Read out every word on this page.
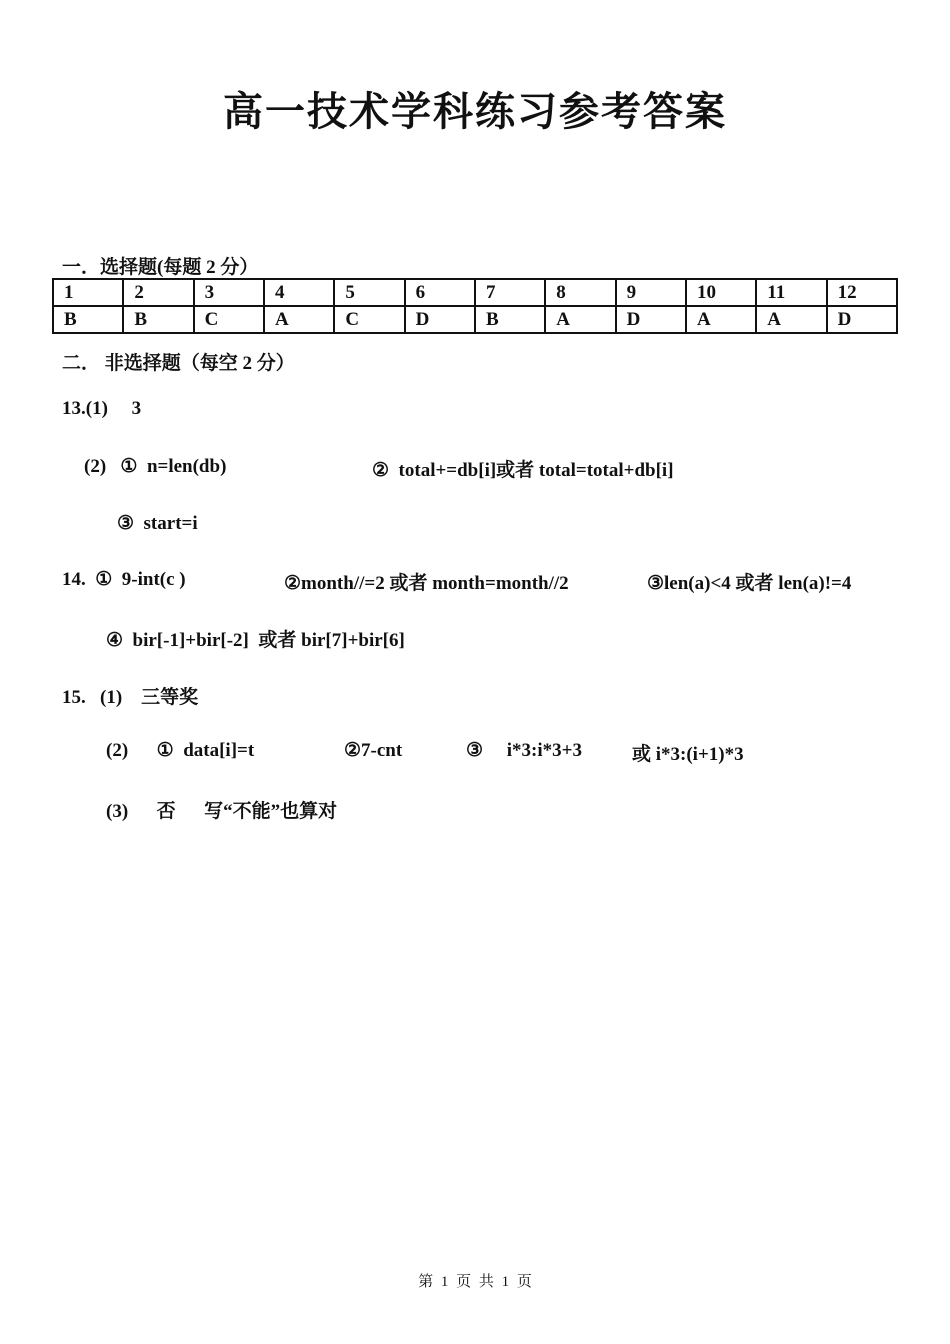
高一技术学科练习参考答案
一．选择题(每题 2 分）
1	2	3	4	5	6	7	8	9	10	11	12
B	B	C	A	C	D	B	A	D	A	A	D
二． 非选择题（每空 2 分）
13.(1)     3
(2)   ①  n=len(db)	②  total+=db[i]或者 total=total+db[i]
③  start=i
14.  ①  9-int(c )	②month//=2 或者 month=month//2	③len(a)<4 或者 len(a)!=4
④  bir[-1]+bir[-2]  或者 bir[7]+bir[6]
15.   (1)    三等奖
(2)      ①  data[i]=t	②7-cnt	③     i*3:i*3+3	或 i*3:(i+1)*3
(3)      否      写“不能”也算对
第 1 页 共 1 页
